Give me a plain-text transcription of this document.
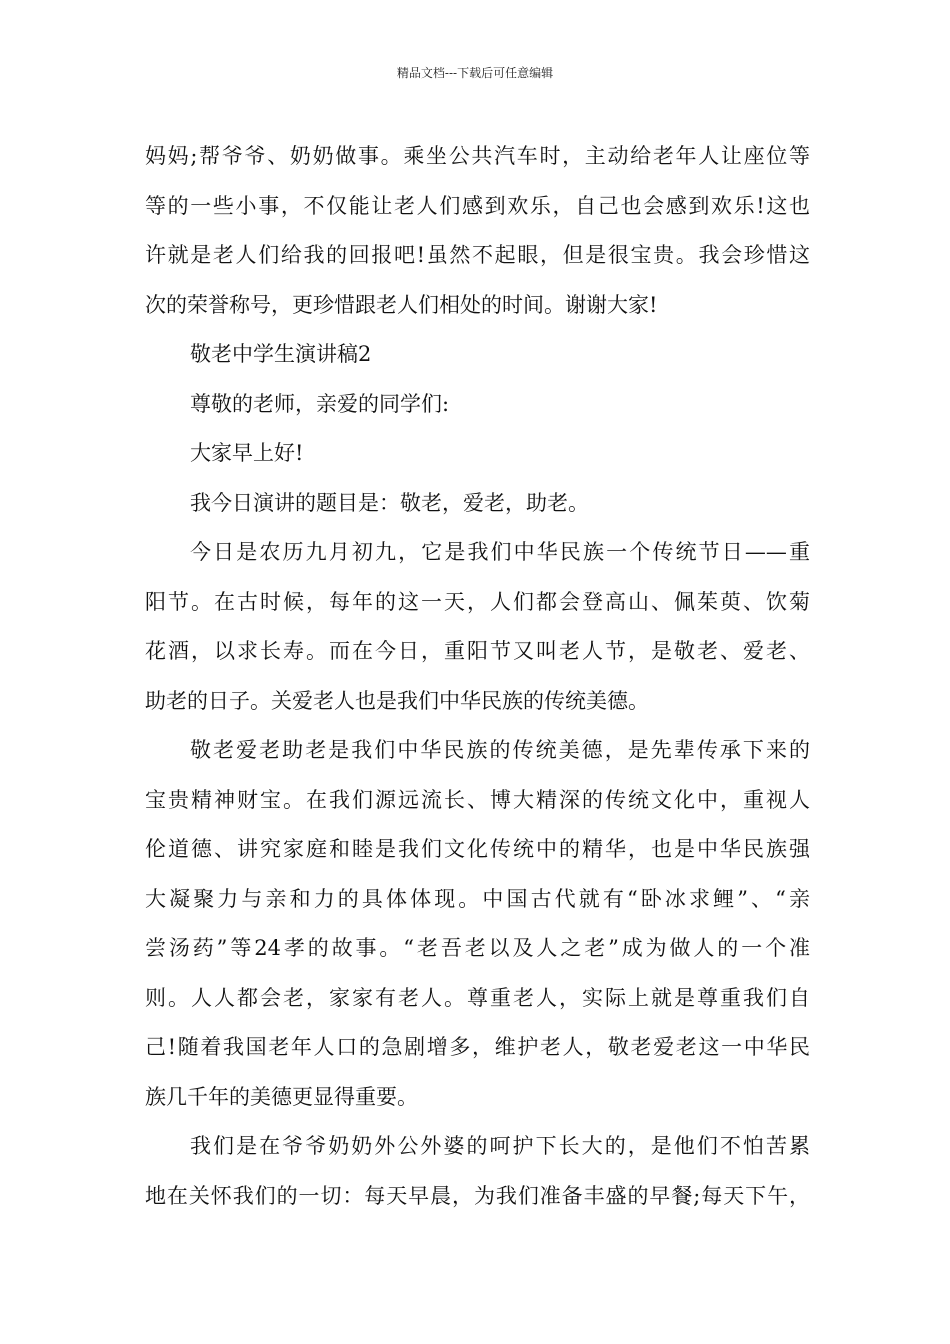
精品文档---下载后可任意编辑
妈妈;帮爷爷、奶奶做事。乘坐公共汽车时，主动给老年人让座位等
等的一些小事，不仅能让老人们感到欢乐，自己也会感到欢乐!这也
许就是老人们给我的回报吧!虽然不起眼，但是很宝贵。我会珍惜这
次的荣誉称号，更珍惜跟老人们相处的时间。谢谢大家!
敬老中学生演讲稿2
尊敬的老师，亲爱的同学们:
大家早上好!
我今日演讲的题目是：敬老，爱老，助老。
今日是农历九月初九，它是我们中华民族一个传统节日——重
阳节。在古时候，每年的这一天，人们都会登高山、佩茱萸、饮菊
花酒，以求长寿。而在今日，重阳节又叫老人节，是敬老、爱老、
助老的日子。关爱老人也是我们中华民族的传统美德。
敬老爱老助老是我们中华民族的传统美德，是先辈传承下来的
宝贵精神财宝。在我们源远流长、博大精深的传统文化中，重视人
伦道德、讲究家庭和睦是我们文化传统中的精华，也是中华民族强
大凝聚力与亲和力的具体体现。中国古代就有“卧冰求鲤”、“亲
尝汤药”等24孝的故事。“老吾老以及人之老”成为做人的一个准
则。人人都会老，家家有老人。尊重老人，实际上就是尊重我们自
己!随着我国老年人口的急剧增多，维护老人，敬老爱老这一中华民
族几千年的美德更显得重要。
我们是在爷爷奶奶外公外婆的呵护下长大的，是他们不怕苦累
地在关怀我们的一切：每天早晨，为我们准备丰盛的早餐;每天下午，
